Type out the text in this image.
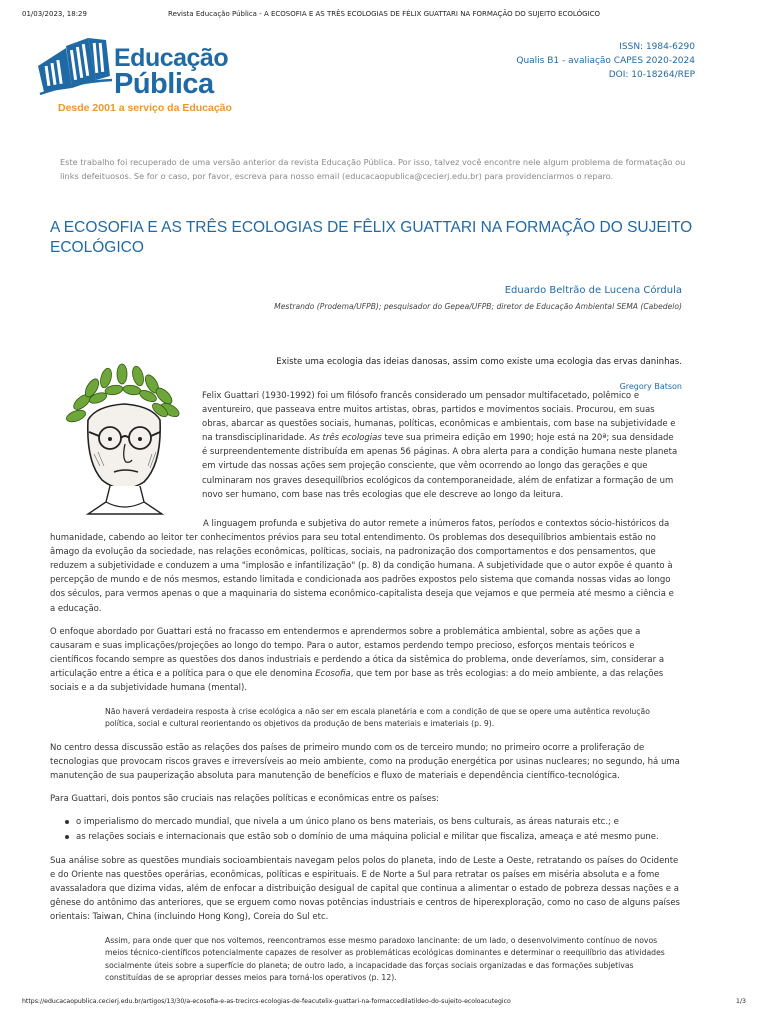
01/03/2023, 18:29	Revista Educação Pública - A ECOSOFIA E AS TRÊS ECOLOGIAS DE FÉLIX GUATTARI NA FORMAÇÃO DO SUJEITO ECOLÓGICO
Educação
Pública
Desde 2001 a serviço da Educação
ISSN: 1984-6290
Qualis B1 - avaliação CAPES 2020-2024
DOI: 10-18264/REP

Este trabalho foi recuperado de uma versão anterior da revista Educação Pública. Por isso, talvez você encontre nele algum problema de formatação ou links defeituosos. Se for o caso, por favor, escreva para nosso email (educacaopublica@cecierj.edu.br) para providenciarmos o reparo.

A ECOSOFIA E AS TRÊS ECOLOGIAS DE FÊLIX GUATTARI NA FORMAÇÃO DO SUJEITO ECOLÓGICO
Eduardo Beltrão de Lucena Córdula
Mestrando (Prodema/UFPB); pesquisador do Gepea/UFPB; diretor de Educação Ambiental SEMA (Cabedelo)
Existe uma ecologia das ideias danosas, assim como existe uma ecologia das ervas daninhas.
Gregory Batson

Felix Guattari (1930-1992) foi um filósofo francês considerado um pensador multifacetado, polêmico e aventureiro, que passeava entre muitos artistas, obras, partidos e movimentos sociais. Procurou, em suas obras, abarcar as questões sociais, humanas, políticas, econômicas e ambientais, com base na subjetividade e na transdisciplinaridade. As três ecologias teve sua primeira edição em 1990; hoje está na 20ª; sua densidade é surpreendentemente distribuída em apenas 56 páginas. A obra alerta para a condição humana neste planeta em virtude das nossas ações sem projeção consciente, que vêm ocorrendo ao longo das gerações e que culminaram nos graves desequilíbrios ecológicos da contemporaneidade, além de enfatizar a formação de um novo ser humano, com base nas três ecologias que ele descreve ao longo da leitura.

A linguagem profunda e subjetiva do autor remete a inúmeros fatos, períodos e contextos sócio-históricos da
humanidade, cabendo ao leitor ter conhecimentos prévios para seu total entendimento. Os problemas dos desequilíbrios ambientais estão no âmago da evolução da sociedade, nas relações econômicas, políticas, sociais, na padronização dos comportamentos e dos pensamentos, que reduzem a subjetividade e conduzem a uma "implosão e infantilização" (p. 8) da condição humana. A subjetividade que o autor expõe é quanto à percepção de mundo e de nós mesmos, estando limitada e condicionada aos padrões expostos pelo sistema que comanda nossas vidas ao longo dos séculos, para vermos apenas o que a maquinaria do sistema econômico-capitalista deseja que vejamos e que permeia até mesmo a ciência e a educação.

O enfoque abordado por Guattari está no fracasso em entendermos e aprendermos sobre a problemática ambiental, sobre as ações que a causaram e suas implicações/projeções ao longo do tempo. Para o autor, estamos perdendo tempo precioso, esforços mentais teóricos e científicos focando sempre as questões dos danos industriais e perdendo a ótica da sistêmica do problema, onde deveríamos, sim, considerar a articulação entre a ética e a política para o que ele denomina Ecosofia, que tem por base as três ecologias: a do meio ambiente, a das relações sociais e a da subjetividade humana (mental).

Não haverá verdadeira resposta à crise ecológica a não ser em escala planetária e com a condição de que se opere uma autêntica revolução política, social e cultural reorientando os objetivos da produção de bens materiais e imateriais (p. 9).

No centro dessa discussão estão as relações dos países de primeiro mundo com os de terceiro mundo; no primeiro ocorre a proliferação de tecnologias que provocam riscos graves e irreversíveis ao meio ambiente, como na produção energética por usinas nucleares; no segundo, há uma manutenção de sua pauperização absoluta para manutenção de benefícios e fluxo de materiais e dependência científico-tecnológica.

Para Guattari, dois pontos são cruciais nas relações políticas e econômicas entre os países:

o imperialismo do mercado mundial, que nivela a um único plano os bens materiais, os bens culturais, as áreas naturais etc.; e
as relações sociais e internacionais que estão sob o domínio de uma máquina policial e militar que fiscaliza, ameaça e até mesmo pune.

Sua análise sobre as questões mundiais socioambientais navegam pelos polos do planeta, indo de Leste a Oeste, retratando os países do Ocidente e do Oriente nas questões operárias, econômicas, políticas e espirituais. E de Norte a Sul para retratar os países em miséria absoluta e a fome avassaladora que dizima vidas, além de enfocar a distribuição desigual de capital que continua a alimentar o estado de pobreza dessas nações e a gênese do antônimo das anteriores, que se erguem como novas potências industriais e centros de hiperexploração, como no caso de alguns países orientais: Taiwan, China (incluindo Hong Kong), Coreia do Sul etc.

Assim, para onde quer que nos voltemos, reencontramos esse mesmo paradoxo lancinante: de um lado, o desenvolvimento contínuo de novos meios técnico-científicos potencialmente capazes de resolver as problemáticas ecológicas dominantes e determinar o reequilíbrio das atividades socialmente úteis sobre a superfície do planeta; de outro lado, a incapacidade das forças sociais organizadas e das formações subjetivas constituídas de se apropriar desses meios para torná-los operativos (p. 12).

https://educacaopublica.cecierj.edu.br/artigos/13/30/a-ecosofia-e-as-trecircs-ecologias-de-feacutelix-guattari-na-formaccedilatildeo-do-sujeito-ecoloacutegico	1/3
